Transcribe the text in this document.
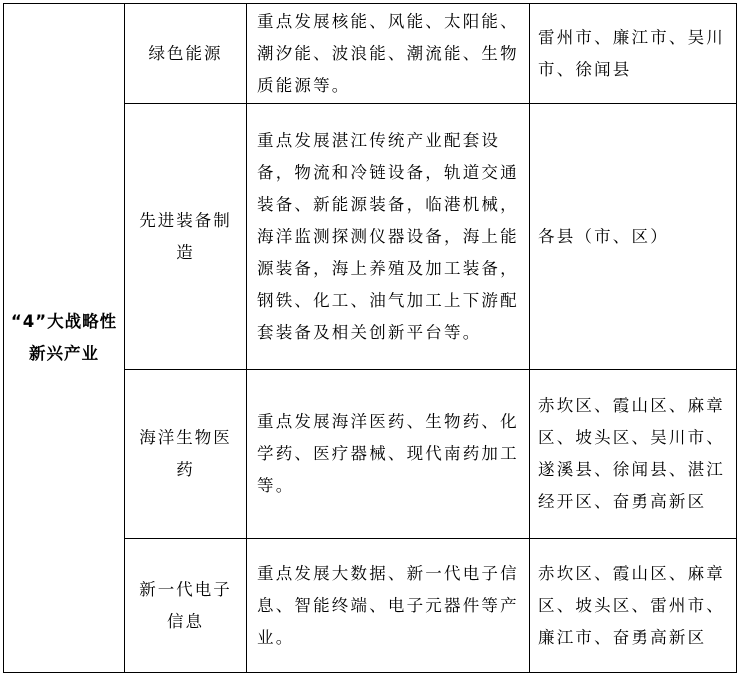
“4”大战略性新兴产业	绿色能源	重点发展核能、风能、太阳能、潮汐能、波浪能、潮流能、生物质能源等。	雷州市、廉江市、吴川市、徐闻县

	先进装备制造	重点发展湛江传统产业配套设备，物流和冷链设备，轨道交通装备、新能源装备，临港机械，海洋监测探测仪器设备，海上能源装备，海上养殖及加工装备，钢铁、化工、油气加工上下游配套装备及相关创新平台等。	各县（市、区）

	海洋生物医药	重点发展海洋医药、生物药、化学药、医疗器械、现代南药加工等。	赤坎区、霞山区、麻章区、坡头区、吴川市、遂溪县、徐闻县、湛江经开区、奋勇高新区

	新一代电子信息	重点发展大数据、新一代电子信息、智能终端、电子元器件等产业。	赤坎区、霞山区、麻章区、坡头区、雷州市、廉江市、奋勇高新区
